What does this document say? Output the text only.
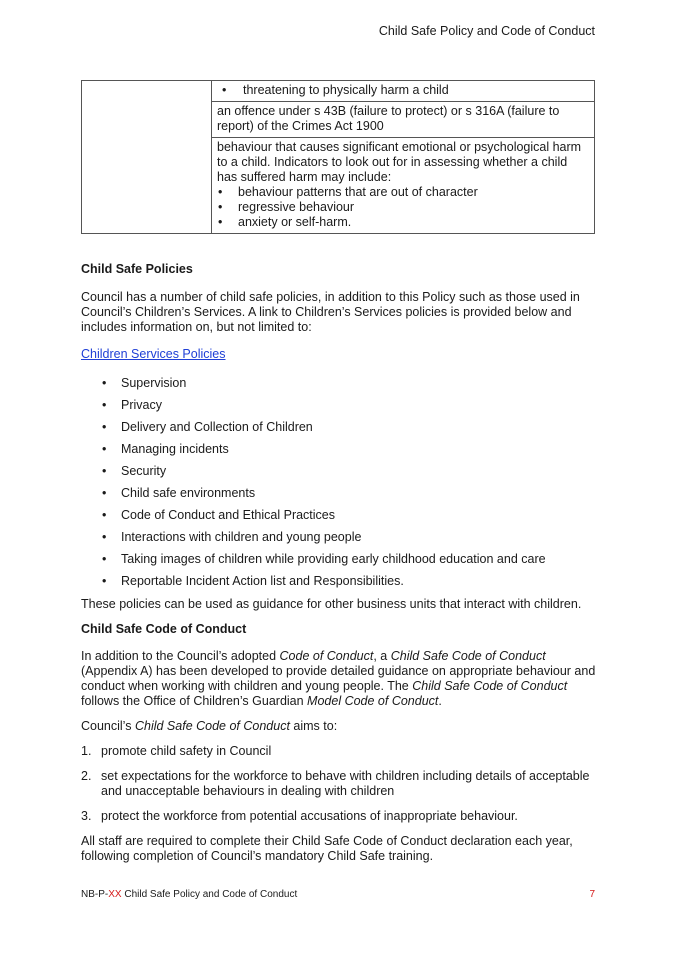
Child Safe Policy and Code of Conduct

• threatening to physically harm a child

an offence under s 43B (failure to protect) or s 316A (failure to report) of the Crimes Act 1900

behaviour that causes significant emotional or psychological harm to a child. Indicators to look out for in assessing whether a child has suffered harm may include:

• behaviour patterns that are out of character
• regressive behaviour
• anxiety or self-harm.

Child Safe Policies

Council has a number of child safe policies, in addition to this Policy such as those used in Council’s Children’s Services. A link to Children’s Services policies is provided below and includes information on, but not limited to:

Children Services Policies

• Supervision
• Privacy
• Delivery and Collection of Children
• Managing incidents
• Security
• Child safe environments
• Code of Conduct and Ethical Practices
• Interactions with children and young people
• Taking images of children while providing early childhood education and care
• Reportable Incident Action list and Responsibilities.

These policies can be used as guidance for other business units that interact with children.

Child Safe Code of Conduct

In addition to the Council’s adopted Code of Conduct, a Child Safe Code of Conduct (Appendix A) has been developed to provide detailed guidance on appropriate behaviour and conduct when working with children and young people. The Child Safe Code of Conduct follows the Office of Children’s Guardian Model Code of Conduct.

Council’s Child Safe Code of Conduct aims to:

1. promote child safety in Council
2. set expectations for the workforce to behave with children including details of acceptable and unacceptable behaviours in dealing with children
3. protect the workforce from potential accusations of inappropriate behaviour.

All staff are required to complete their Child Safe Code of Conduct declaration each year, following completion of Council’s mandatory Child Safe training.

NB-P-XX Child Safe Policy and Code of Conduct	7
